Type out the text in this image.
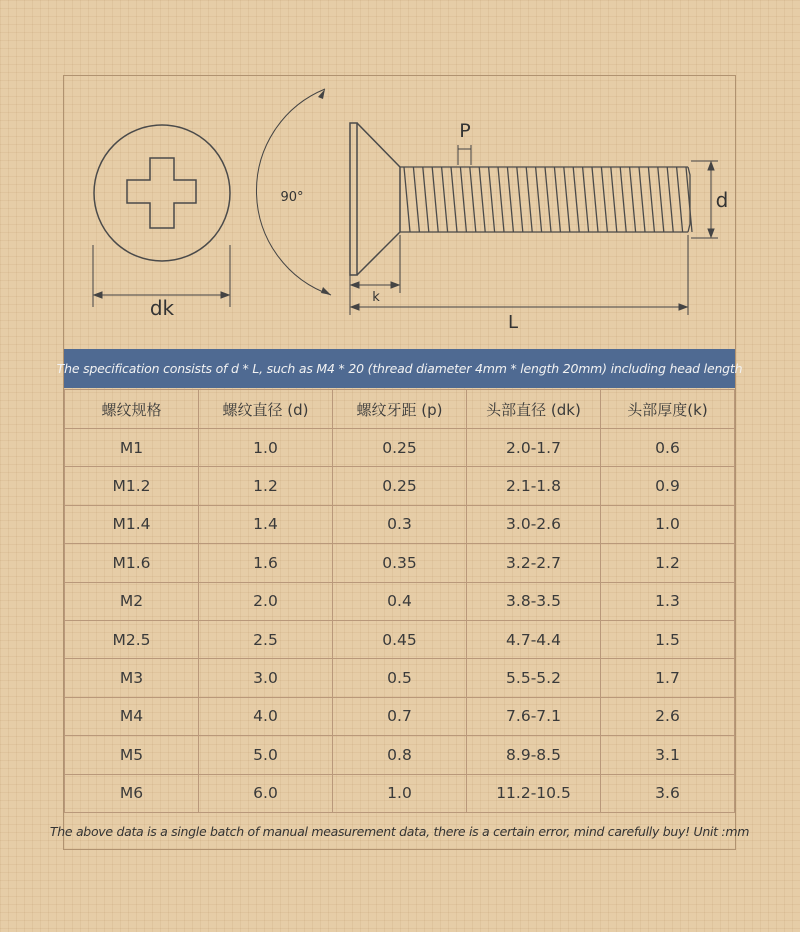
dk
90°
P
d
k
L
The specification consists of d * L, such as M4 * 20 (thread diameter 4mm * length 20mm) including head length
螺纹规格	螺纹直径 (d)	螺纹牙距 (p)	头部直径 (dk)	头部厚度(k)
M1	1.0	0.25	2.0-1.7	0.6
M1.2	1.2	0.25	2.1-1.8	0.9
M1.4	1.4	0.3	3.0-2.6	1.0
M1.6	1.6	0.35	3.2-2.7	1.2
M2	2.0	0.4	3.8-3.5	1.3
M2.5	2.5	0.45	4.7-4.4	1.5
M3	3.0	0.5	5.5-5.2	1.7
M4	4.0	0.7	7.6-7.1	2.6
M5	5.0	0.8	8.9-8.5	3.1
M6	6.0	1.0	11.2-10.5	3.6
The above data is a single batch of manual measurement data, there is a certain error, mind carefully buy! Unit :mm
